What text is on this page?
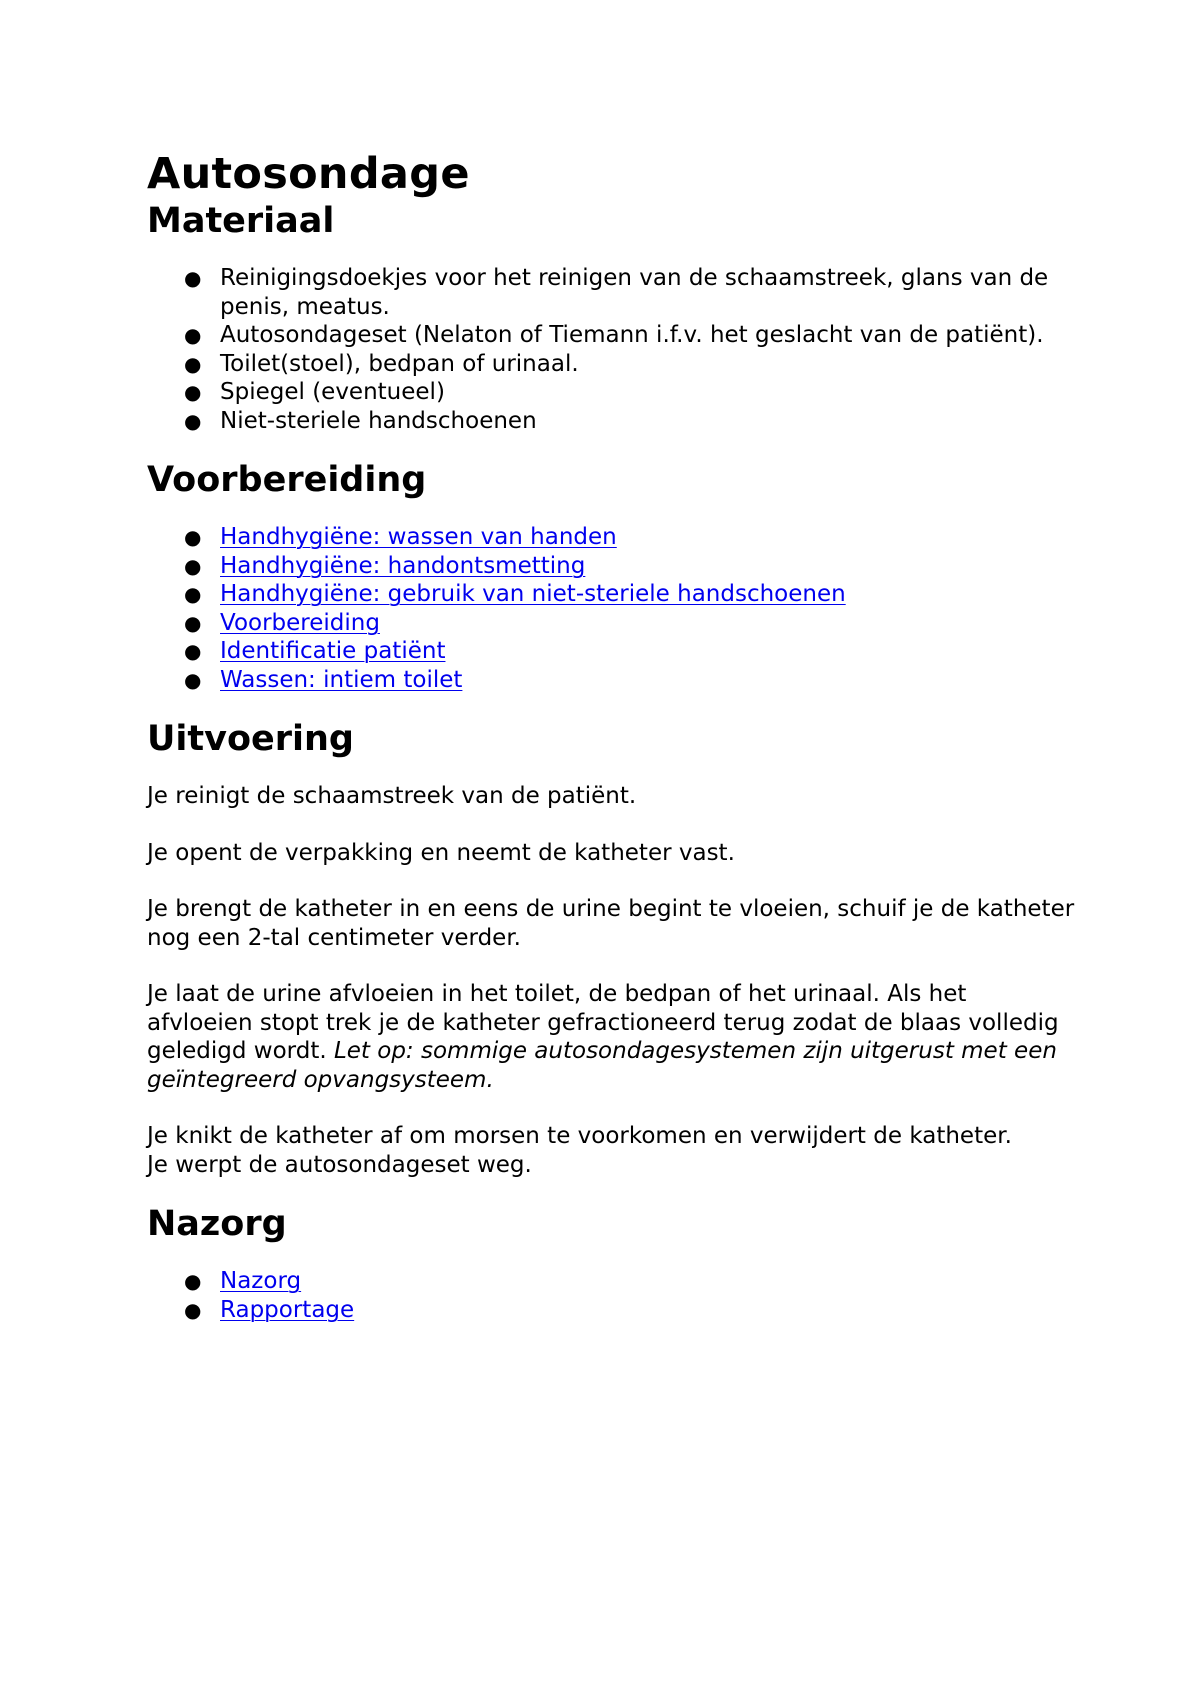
Autosondage
Materiaal
● Reinigingsdoekjes voor het reinigen van de schaamstreek, glans van de penis, meatus.
● Autosondageset (Nelaton of Tiemann i.f.v. het geslacht van de patiënt).
● Toilet(stoel), bedpan of urinaal.
● Spiegel (eventueel)
● Niet-steriele handschoenen
Voorbereiding
● Handhygiëne: wassen van handen
● Handhygiëne: handontsmetting
● Handhygiëne: gebruik van niet-steriele handschoenen
● Voorbereiding
● Identificatie patiënt
● Wassen: intiem toilet
Uitvoering

Je reinigt de schaamstreek van de patiënt.

Je opent de verpakking en neemt de katheter vast.

Je brengt de katheter in en eens de urine begint te vloeien, schuif je de katheter nog een 2-tal centimeter verder.

Je laat de urine afvloeien in het toilet, de bedpan of het urinaal. Als het afvloeien stopt trek je de katheter gefractioneerd terug zodat de blaas volledig geledigd wordt. Let op: sommige autosondagesystemen zijn uitgerust met een geïntegreerd opvangsysteem.

Je knikt de katheter af om morsen te voorkomen en verwijdert de katheter.
Je werpt de autosondageset weg.

Nazorg
● Nazorg
● Rapportage
